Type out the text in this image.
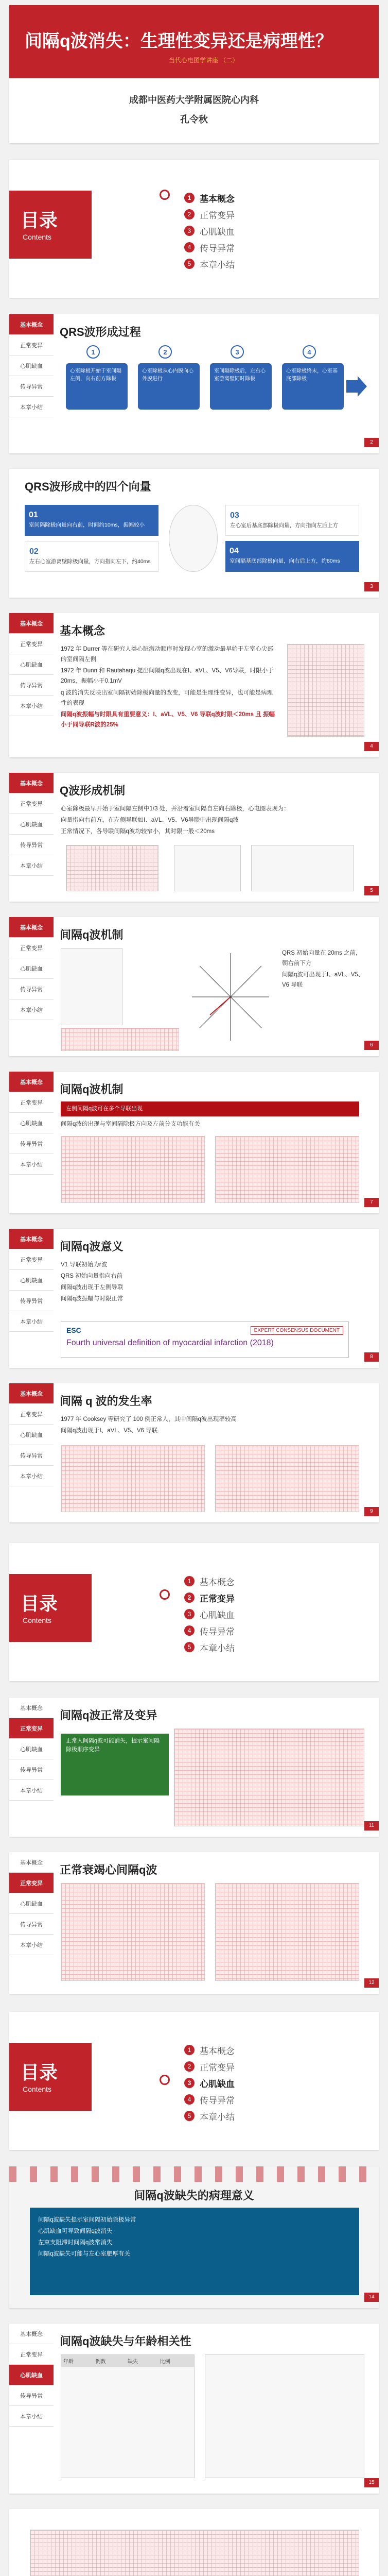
间隔q波消失：生理性变异还是病理性？
当代心电图学讲座 （二）
成都中医药大学附属医院心内科
孔令秋
目录
Contents
1 基本概念
2 正常变异
3 心肌缺血
4 传导异常
5 本章小结
基本概念
正常变异
心肌缺血
传导异常
本章小结
QRS波形成过程
1	2	3	4
心室除极开始于室间隔左侧，向右前方除极
心室除极从心内膜向心外膜进行
室间隔除极后，左右心室游离壁同时除极
心室除极终末，心室基底部除极
2
QRS波形成中的四个向量
01
室间隔除极向量向右前，时间约10ms，振幅较小
02
左右心室游离壁除极向量，方向指向左下，约40ms
03
左心室后基底部除极向量，方向指向左后上方
04
室间隔基底部除极向量，向右后上方，约80ms
3
基本概念
正常变异
心肌缺血
传导异常
本章小结
基本概念

1972 年 Durrer 等在研究人类心脏激动顺序时发现心室的激动最早始于左室心尖部的室间隔左侧

1972 年 Dunn 和 Rautaharju 提出间隔q波出现在Ⅰ、aVL、V5、V6导联，时限小于20ms，振幅小于0.1mV

q 波的消失反映出室间隔初始除极向量的改变，可能是生理性变异，也可能是病理性的表现

间隔q波振幅与时限具有重要意义：I、aVL、V5、V6 导联q波时限＜20ms 且 振幅小于同导联R波的25%

4
基本概念
正常变异
心肌缺血
传导异常
本章小结
Q波形成机制

心室除极最早开始于室间隔左侧中1/3 处，并沿着室间隔自左向右除极，心电图表现为：

向量指向右前方，在左侧导联如Ⅰ、aVL、V5、V6导联中出现间隔q波

正常情况下，各导联间隔q波均较窄小，其时限一般＜20ms

5
基本概念
正常变异
心肌缺血
传导异常
本章小结
间隔q波机制

QRS 初始向量在 20ms 之前，朝右前下方

间隔q波可出现于Ⅰ、aVL、V5、V6 导联

6
基本概念
正常变异
心肌缺血
传导异常
本章小结
间隔q波机制
左侧间隔q波可在多个导联出现
间隔q波的出现与室间隔除极方向及左前分支功能有关
7
基本概念
正常变异
心肌缺血
传导异常
本章小结
间隔q波意义

V1 导联初始为r波

QRS 初始向量指向右前

间隔q波出现于左侧导联

间隔q波振幅与时限正常

ESC	EXPERT CONSENSUS DOCUMENT
Fourth universal definition of myocardial infarction (2018)
8
基本概念
正常变异
心肌缺血
传导异常
本章小结
间隔 q 波的发生率

1977 年 Cooksey 等研究了 100 例正常人，其中间隔q波出现率较高

间隔q波出现于Ⅰ、aVL、V5、V6 导联

9
目录
Contents
1 基本概念
2 正常变异
3 心肌缺血
4 传导异常
5 本章小结
基本概念
正常变异
心肌缺血
传导异常
本章小结
间隔q波正常及变异
正常人间隔q波可能消失，提示室间隔除极顺序变异
11
基本概念
正常变异
心肌缺血
传导异常
本章小结
正常衰竭心间隔q波
12
目录
Contents
1 基本概念
2 正常变异
3 心肌缺血
4 传导异常
5 本章小结
间隔q波缺失的病理意义

间隔q波缺失提示室间隔初始除极异常

心肌缺血可导致间隔q波消失

左束支阻滞时间隔q波常消失

间隔q波缺失可能与左心室肥厚有关

14
基本概念
正常变异
心肌缺血
传导异常
本章小结
间隔q波缺失与年龄相关性
年龄	例数	缺失	比例
15
